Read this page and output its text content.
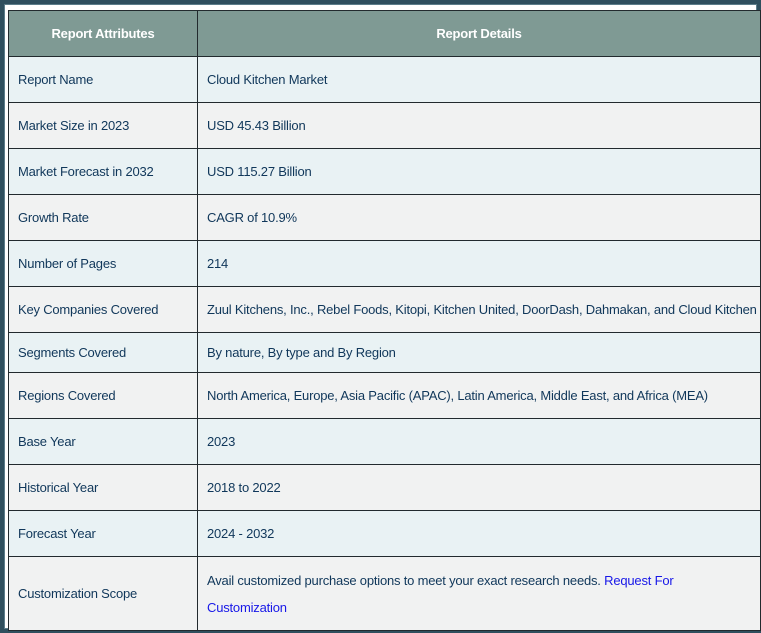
Report Attributes	Report Details
Report Name	Cloud Kitchen Market
Market Size in 2023	USD 45.43 Billion
Market Forecast in 2032	USD 115.27 Billion
Growth Rate	CAGR of 10.9%
Number of Pages	214
Key Companies Covered	Zuul Kitchens, Inc., Rebel Foods, Kitopi, Kitchen United, DoorDash, Dahmakan, and Cloud Kitchen
Segments Covered	By nature, By type and By Region
Regions Covered	North America, Europe, Asia Pacific (APAC), Latin America, Middle East, and Africa (MEA)
Base Year	2023
Historical Year	2018 to 2022
Forecast Year	2024 - 2032
Customization Scope	Avail customized purchase options to meet your exact research needs. Request For Customization
